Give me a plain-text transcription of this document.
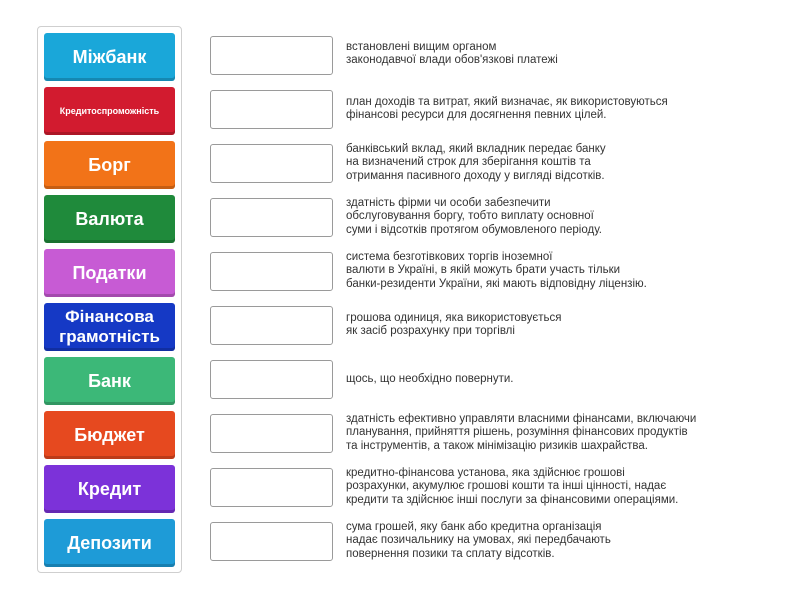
Міжбанк
Кредитоспроможність
Борг
Валюта
Податки
Фінансова
грамотність
Банк
Бюджет
Кредит
Депозити
встановлені вищим органом
законодавчої влади обов'язкові платежі
план доходів та витрат, який визначає, як використовуються
фінансові ресурси для досягнення певних цілей.
банківський вклад, який вкладник передає банку
на визначений строк для зберігання коштів та
отримання пасивного доходу у вигляді відсотків.
здатність фірми чи особи забезпечити
обслуговування боргу, тобто виплату основної
суми і відсотків протягом обумовленого періоду.
система безготівкових торгів іноземної
валюти в Україні, в якій можуть брати участь тільки
банки-резиденти України, які мають відповідну ліцензію.
грошова одиниця, яка використовується
як засіб розрахунку при торгівлі
щось, що необхідно повернути.
здатність ефективно управляти власними фінансами, включаючи
планування, прийняття рішень, розуміння фінансових продуктів
та інструментів, а також мінімізацію ризиків шахрайства.
кредитно-фінансова установа, яка здійснює грошові
розрахунки, акумулює грошові кошти та інші цінності, надає
кредити та здійснює інші послуги за фінансовими операціями.
сума грошей, яку банк або кредитна організація
надає позичальнику на умовах, які передбачають
повернення позики та сплату відсотків.
